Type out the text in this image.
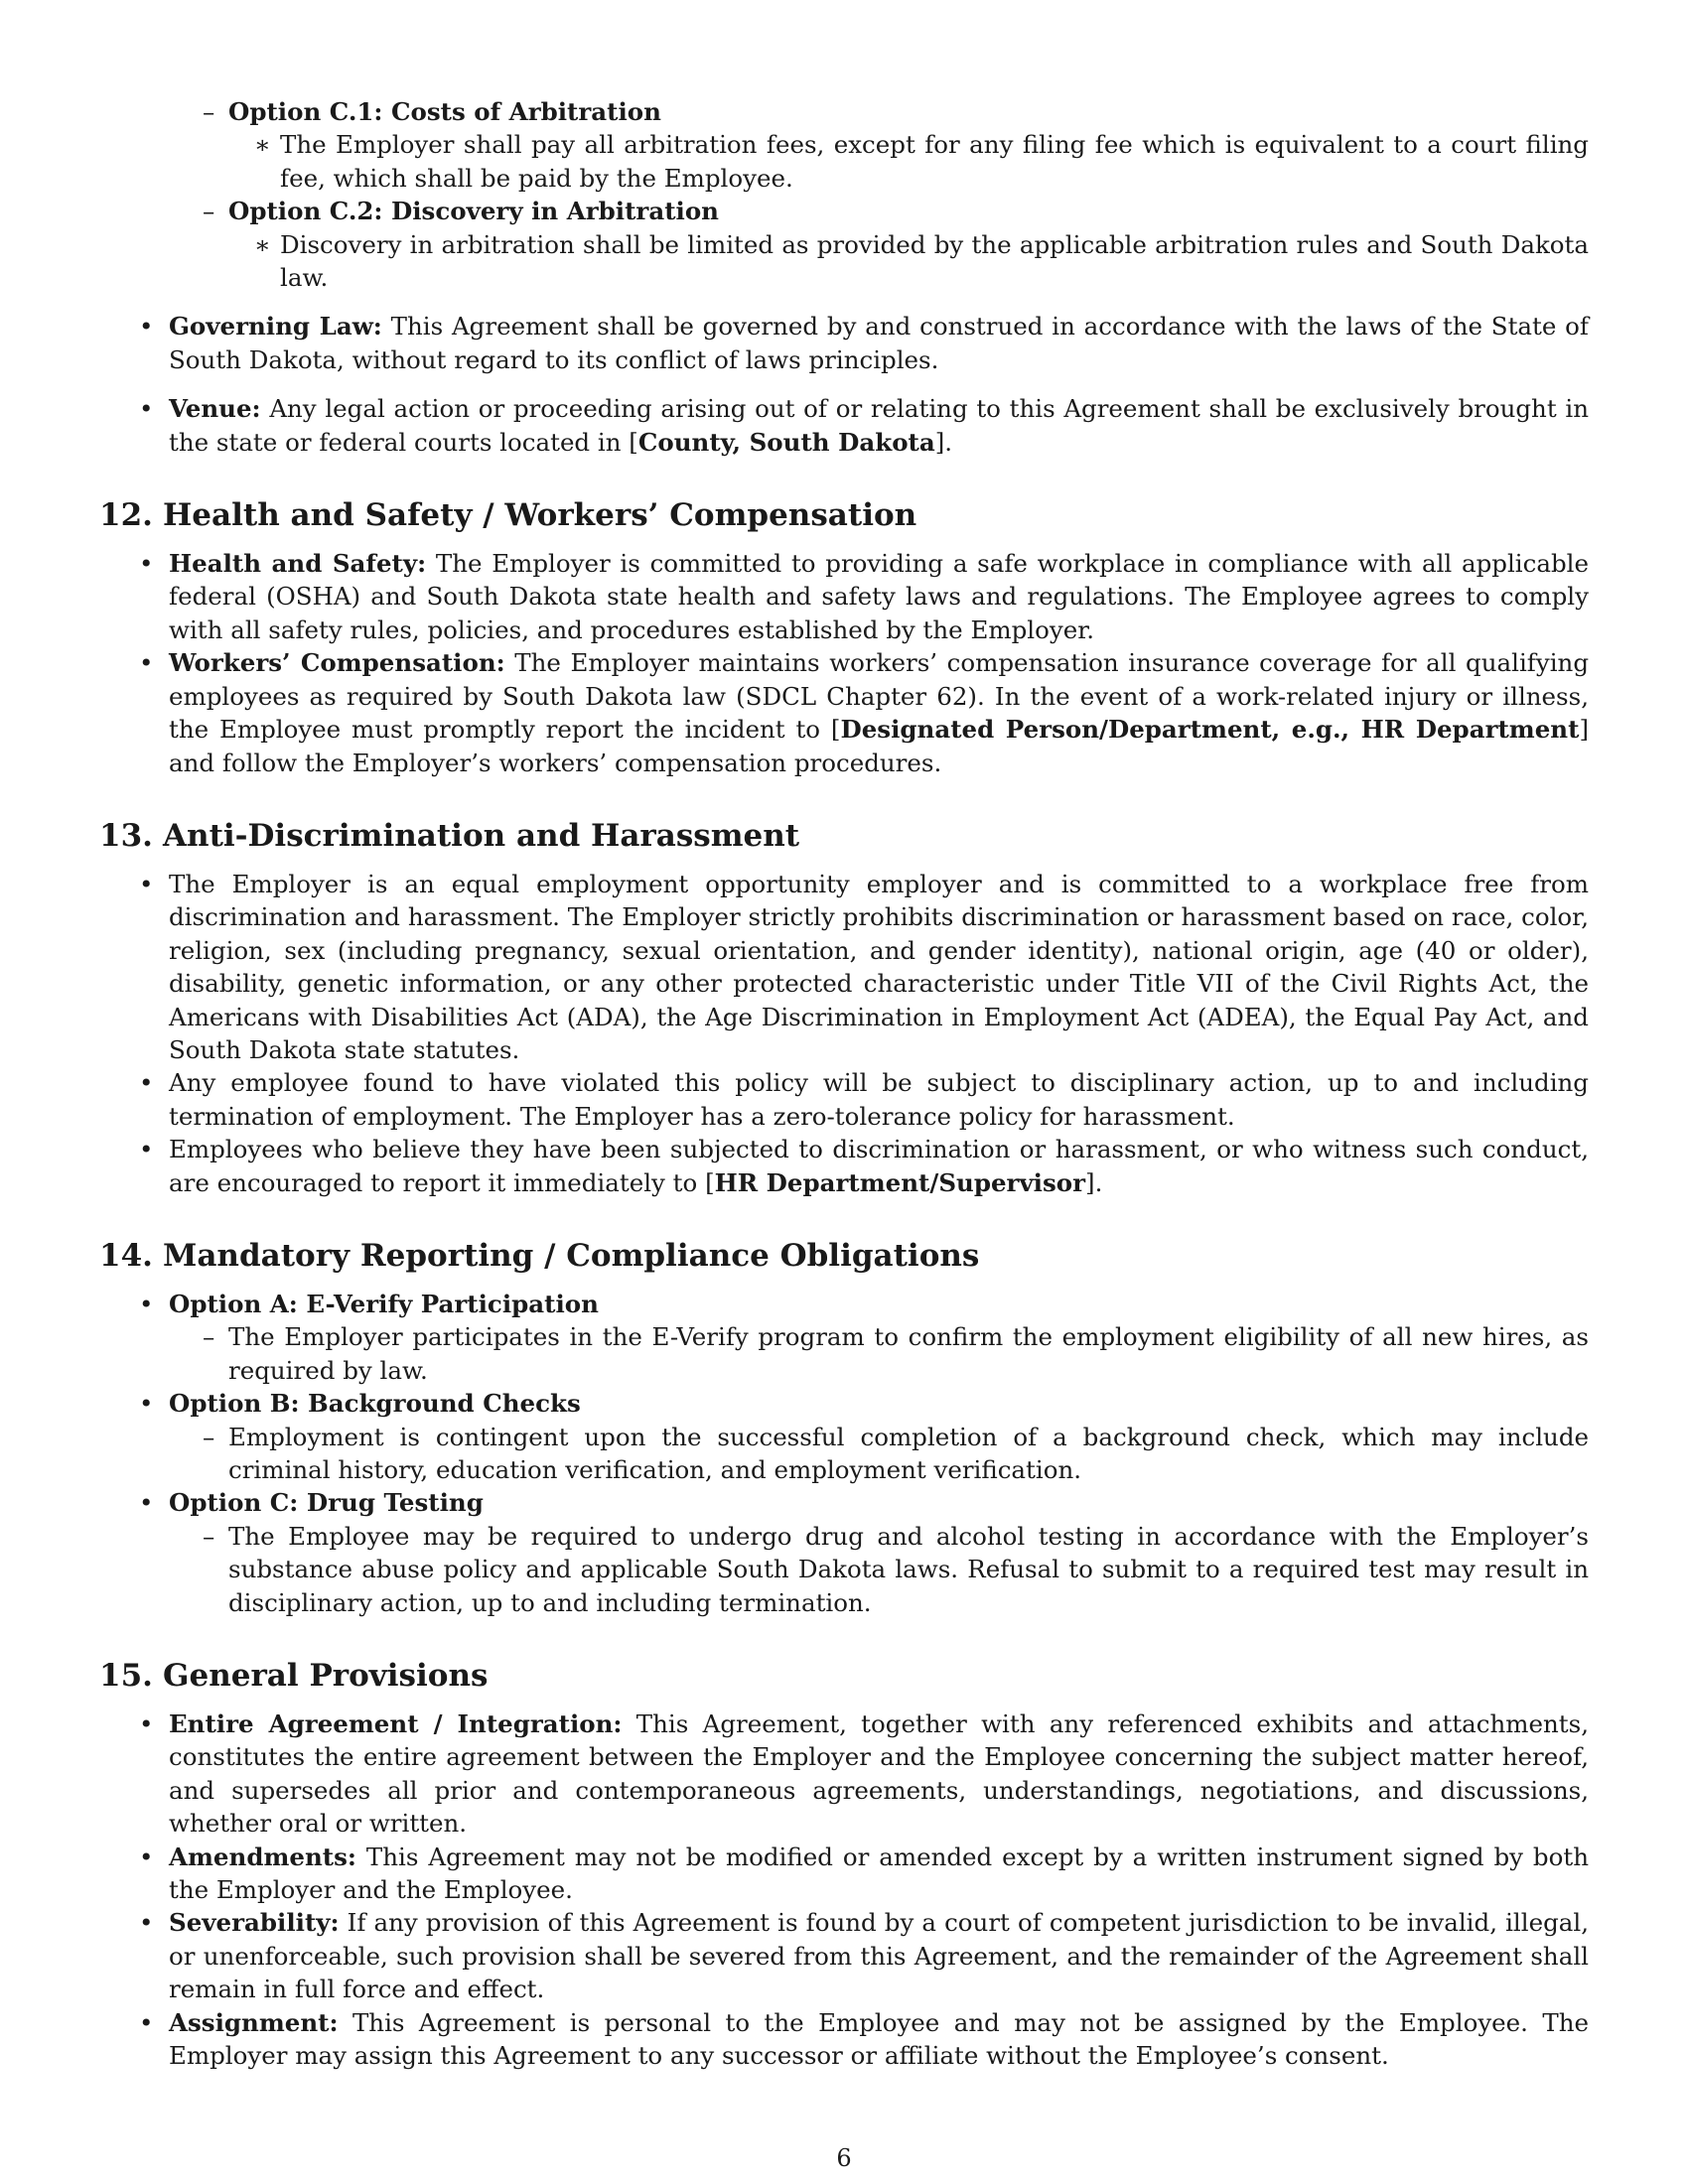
– Option C.1: Costs of Arbitration
∗ The Employer shall pay all arbitration fees, except for any filing fee which is equivalent to a court filing fee, which shall be paid by the Employee.
– Option C.2: Discovery in Arbitration
∗ Discovery in arbitration shall be limited as provided by the applicable arbitration rules and South Dakota law.
• Governing Law: This Agreement shall be governed by and construed in accordance with the laws of the State of South Dakota, without regard to its conflict of laws principles.
• Venue: Any legal action or proceeding arising out of or relating to this Agreement shall be exclusively brought in the state or federal courts located in [County, South Dakota].
12. Health and Safety / Workers’ Compensation
• Health and Safety: The Employer is committed to providing a safe workplace in compliance with all applicable federal (OSHA) and South Dakota state health and safety laws and regulations. The Employee agrees to comply with all safety rules, policies, and procedures established by the Employer.
• Workers’ Compensation: The Employer maintains workers’ compensation insurance coverage for all qualifying employees as required by South Dakota law (SDCL Chapter 62). In the event of a work-related injury or illness, the Employee must promptly report the incident to [Designated Person/Department, e.g., HR Department] and follow the Employer’s workers’ compensation procedures.
13. Anti-Discrimination and Harassment
• The Employer is an equal employment opportunity employer and is committed to a workplace free from discrimination and harassment. The Employer strictly prohibits discrimination or harassment based on race, color, religion, sex (including pregnancy, sexual orientation, and gender identity), national origin, age (40 or older), disability, genetic information, or any other protected characteristic under Title VII of the Civil Rights Act, the Americans with Disabilities Act (ADA), the Age Discrimination in Employment Act (ADEA), the Equal Pay Act, and South Dakota state statutes.
• Any employee found to have violated this policy will be subject to disciplinary action, up to and including termination of employment. The Employer has a zero-tolerance policy for harassment.
• Employees who believe they have been subjected to discrimination or harassment, or who witness such conduct, are encouraged to report it immediately to [HR Department/Supervisor].
14. Mandatory Reporting / Compliance Obligations
• Option A: E-Verify Participation
– The Employer participates in the E-Verify program to confirm the employment eligibility of all new hires, as required by law.
• Option B: Background Checks
– Employment is contingent upon the successful completion of a background check, which may include criminal history, education verification, and employment verification.
• Option C: Drug Testing
– The Employee may be required to undergo drug and alcohol testing in accordance with the Employer’s substance abuse policy and applicable South Dakota laws. Refusal to submit to a required test may result in disciplinary action, up to and including termination.
15. General Provisions
• Entire Agreement / Integration: This Agreement, together with any referenced exhibits and attachments, constitutes the entire agreement between the Employer and the Employee concerning the subject matter hereof, and supersedes all prior and contemporaneous agreements, understandings, negotiations, and discussions, whether oral or written.
• Amendments: This Agreement may not be modified or amended except by a written instrument signed by both the Employer and the Employee.
• Severability: If any provision of this Agreement is found by a court of competent jurisdiction to be invalid, illegal, or unenforceable, such provision shall be severed from this Agreement, and the remainder of the Agreement shall remain in full force and effect.
• Assignment: This Agreement is personal to the Employee and may not be assigned by the Employee. The Employer may assign this Agreement to any successor or affiliate without the Employee’s consent.
6
